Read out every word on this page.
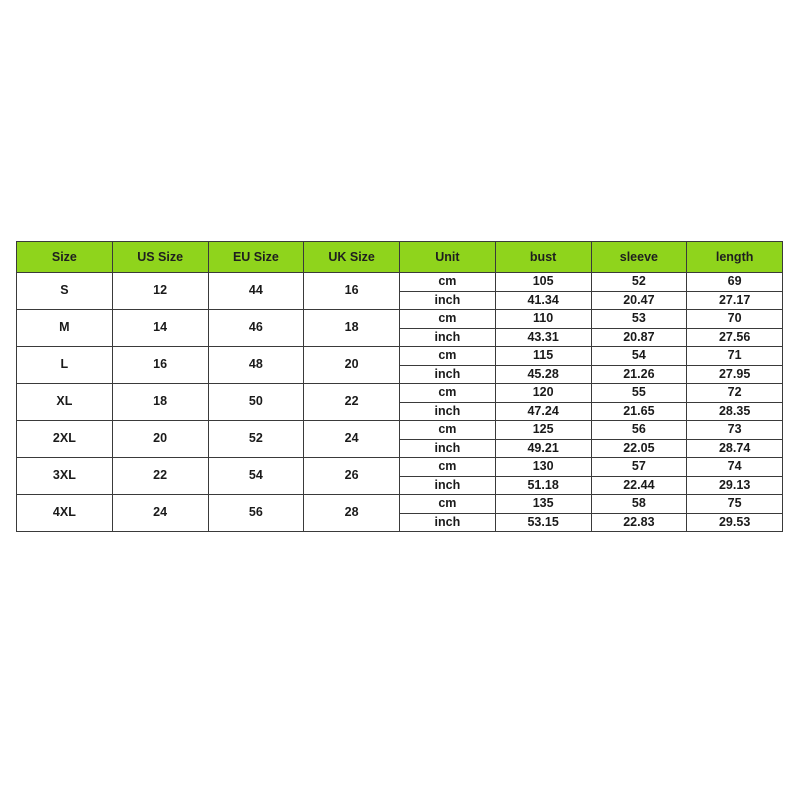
Size	US Size	EU Size	UK Size	Unit	bust	sleeve	length
S	12	44	16	cm	105	52	69
				inch	41.34	20.47	27.17
M	14	46	18	cm	110	53	70
				inch	43.31	20.87	27.56
L	16	48	20	cm	115	54	71
				inch	45.28	21.26	27.95
XL	18	50	22	cm	120	55	72
				inch	47.24	21.65	28.35
2XL	20	52	24	cm	125	56	73
				inch	49.21	22.05	28.74
3XL	22	54	26	cm	130	57	74
				inch	51.18	22.44	29.13
4XL	24	56	28	cm	135	58	75
				inch	53.15	22.83	29.53
